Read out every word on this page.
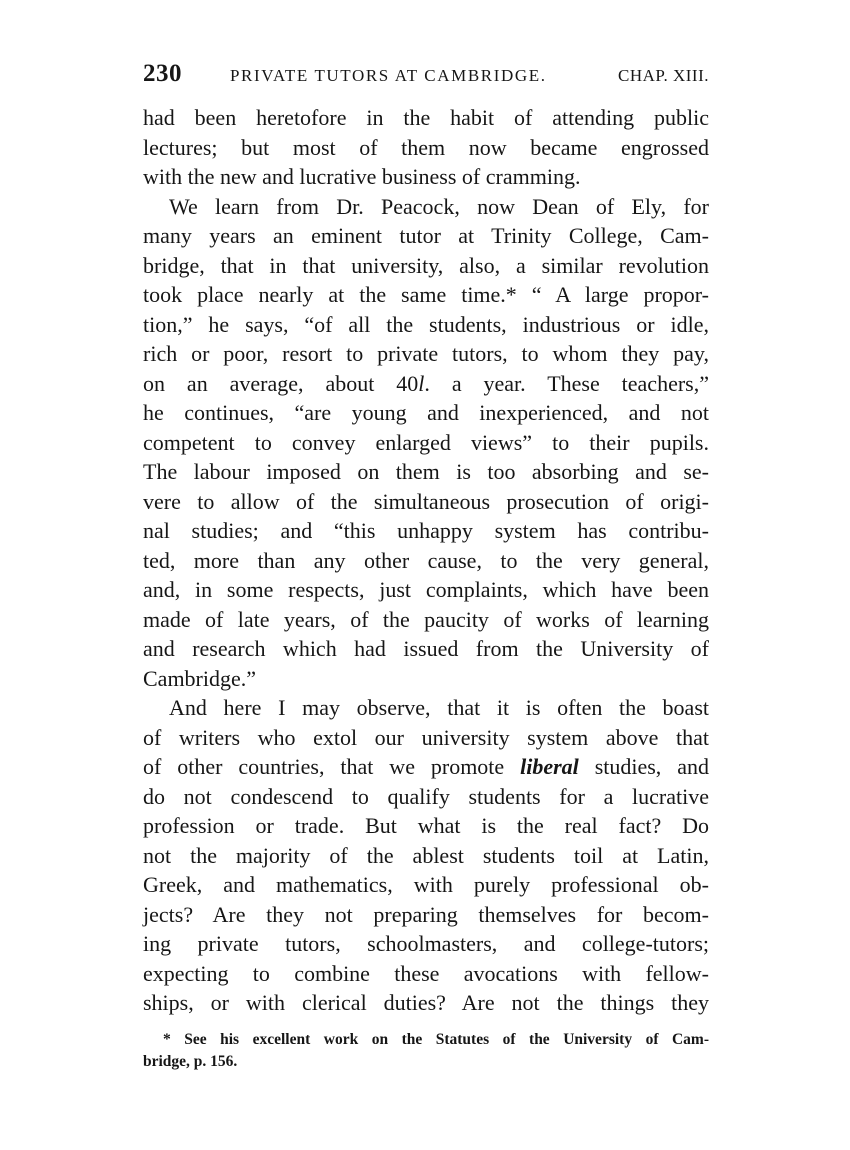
230	PRIVATE TUTORS AT CAMBRIDGE.	CHAP. XIII.
had been heretofore in the habit of attending public
lectures; but most of them now became engrossed
with the new and lucrative business of cramming.
We learn from Dr. Peacock, now Dean of Ely, for
many years an eminent tutor at Trinity College, Cam-
bridge, that in that university, also, a similar revolution
took place nearly at the same time.* “ A large propor-
tion,” he says, “of all the students, industrious or idle,
rich or poor, resort to private tutors, to whom they pay,
on an average, about 40l. a year. These teachers,”
he continues, “are young and inexperienced, and not
competent to convey enlarged views” to their pupils.
The labour imposed on them is too absorbing and se-
vere to allow of the simultaneous prosecution of origi-
nal studies; and “this unhappy system has contribu-
ted, more than any other cause, to the very general,
and, in some respects, just complaints, which have been
made of late years, of the paucity of works of learning
and research which had issued from the University of
Cambridge.”
And here I may observe, that it is often the boast
of writers who extol our university system above that
of other countries, that we promote liberal studies, and
do not condescend to qualify students for a lucrative
profession or trade. But what is the real fact? Do
not the majority of the ablest students toil at Latin,
Greek, and mathematics, with purely professional ob-
jects? Are they not preparing themselves for becom-
ing private tutors, schoolmasters, and college-tutors;
expecting to combine these avocations with fellow-
ships, or with clerical duties? Are not the things they
* See his excellent work on the Statutes of the University of Cam-
bridge, p. 156.
